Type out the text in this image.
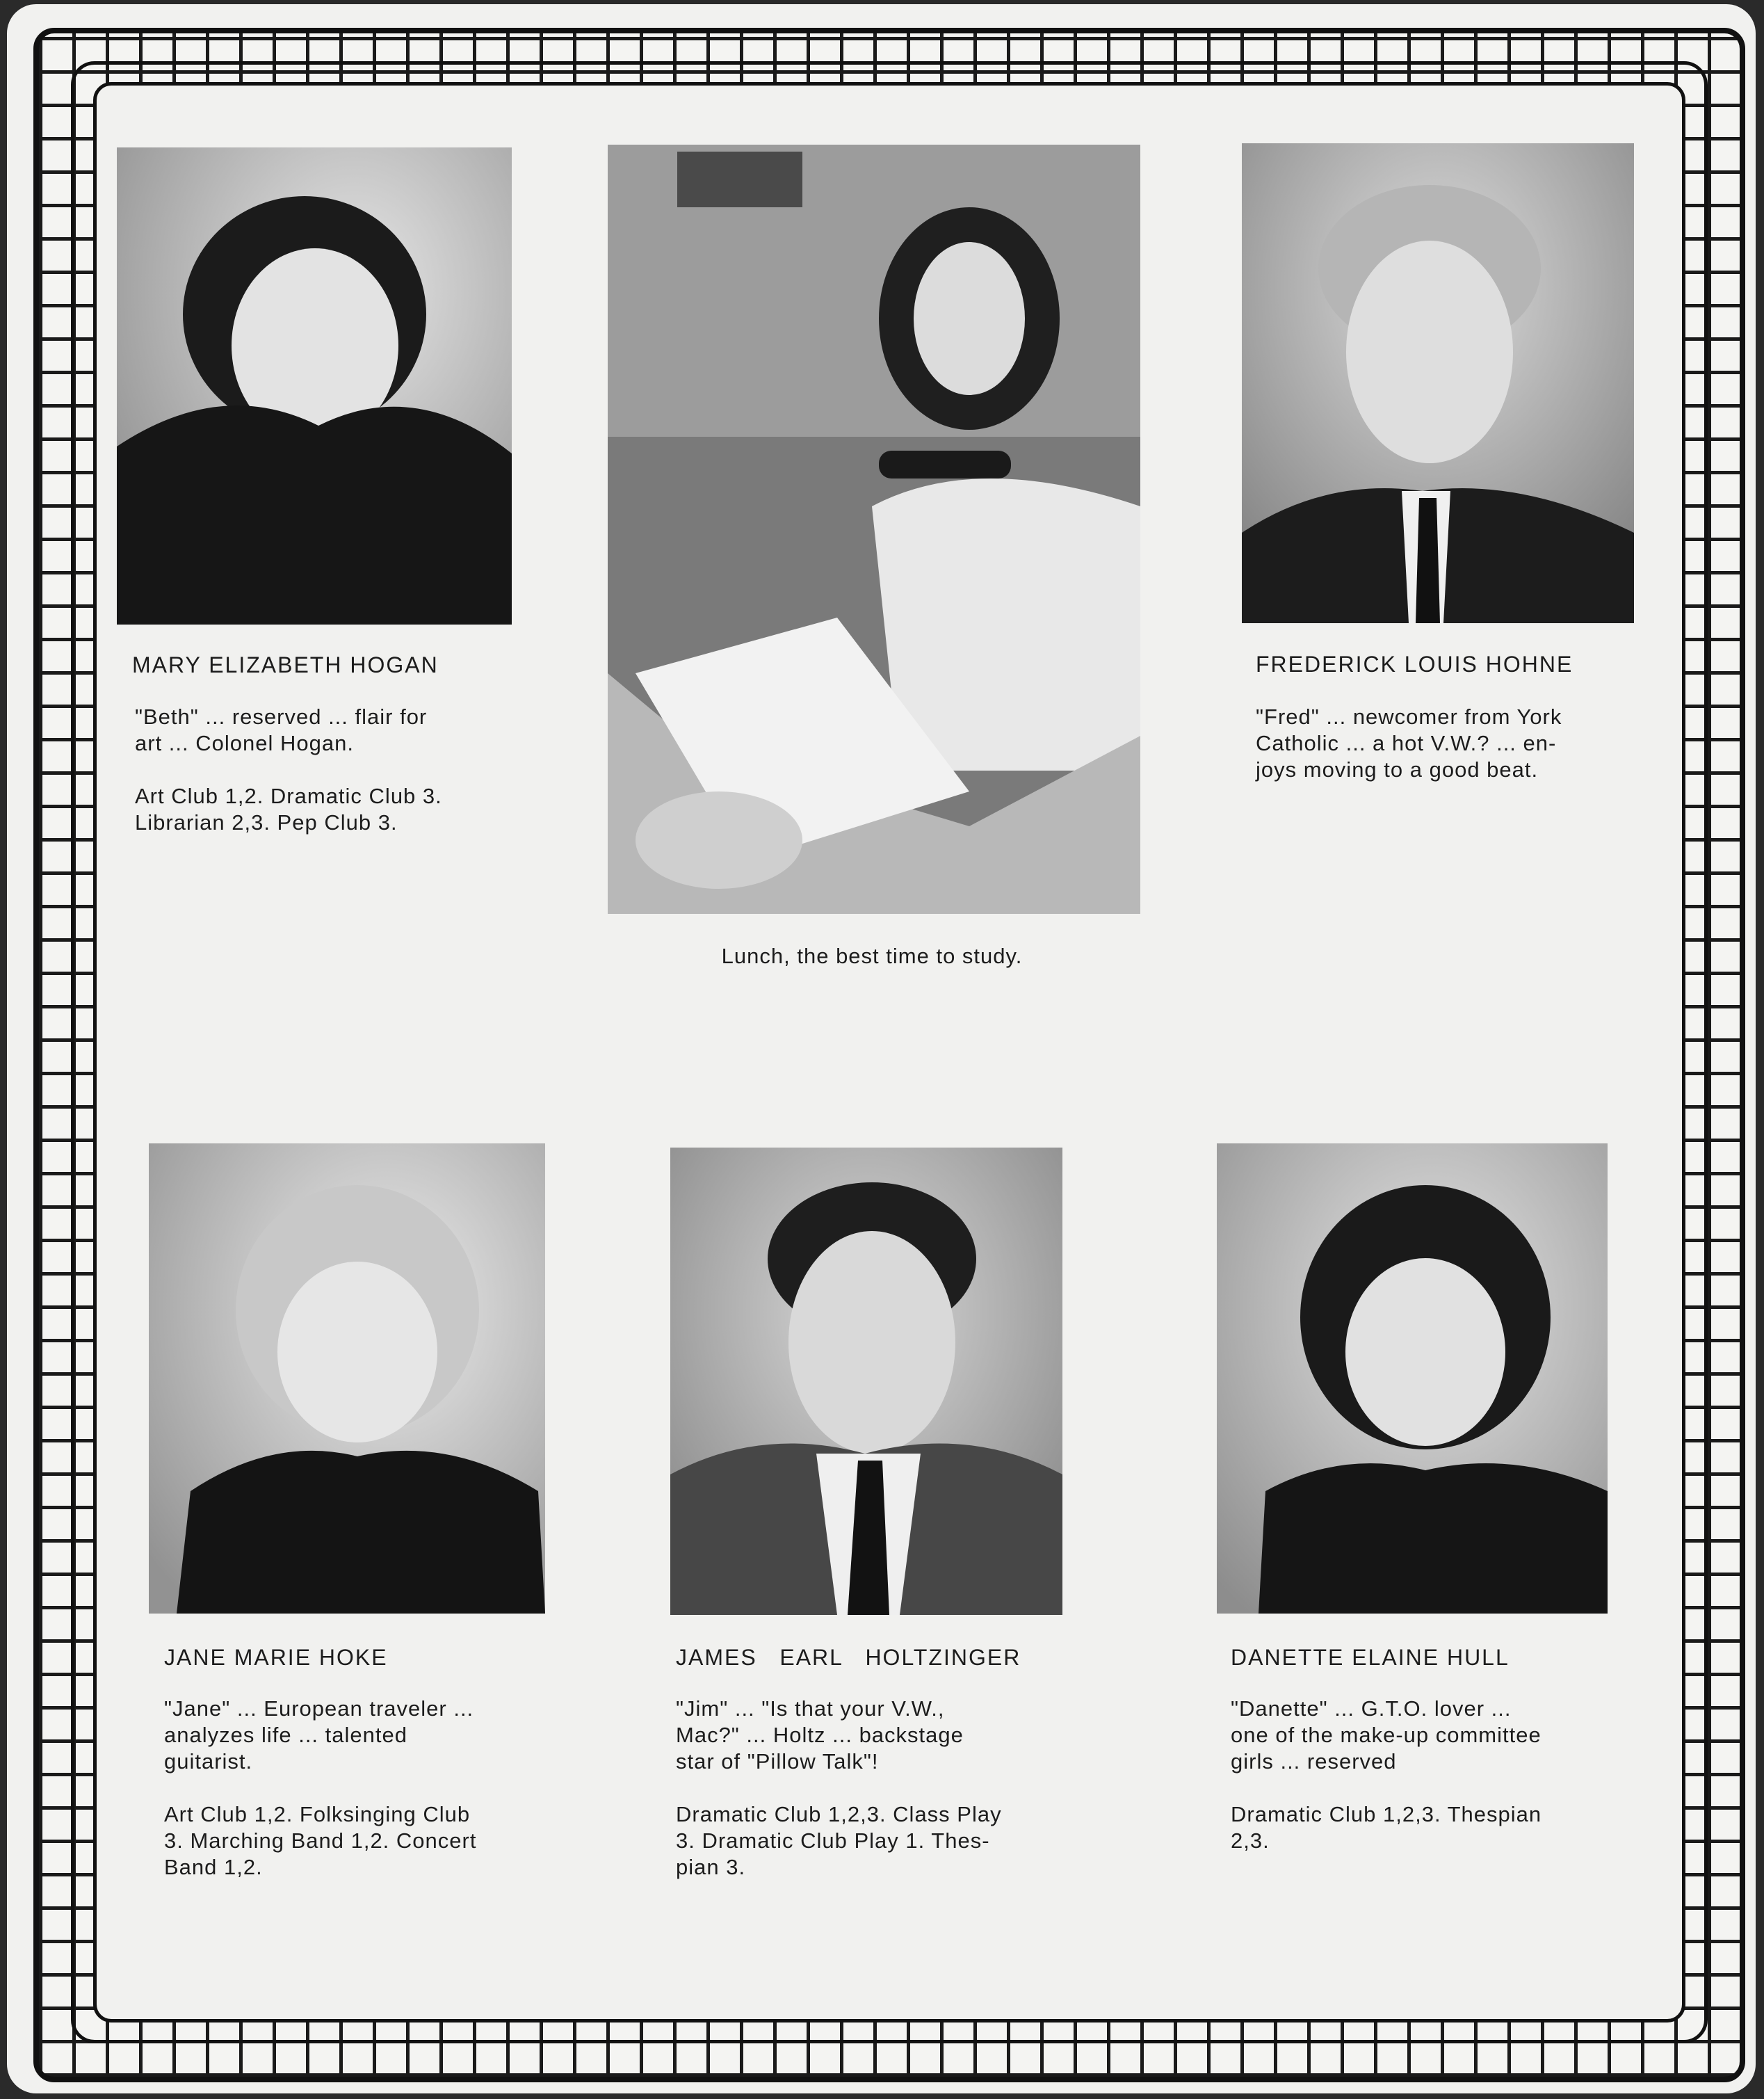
MARY ELIZABETH HOGAN

"Beth" ... reserved ... flair for

art ... Colonel Hogan.

Art Club 1,2. Dramatic Club 3.

Librarian 2,3. Pep Club 3.

Lunch, the best time to study.
FREDERICK LOUIS HOHNE

"Fred" ... newcomer from York

Catholic ... a hot V.W.? ... en-

joys moving to a good beat.

JANE MARIE HOKE

"Jane" ... European traveler ...

analyzes life ... talented

guitarist.

Art Club 1,2. Folksinging Club

3. Marching Band 1,2. Concert

Band 1,2.

JAMES   EARL   HOLTZINGER

"Jim" ... "Is that your V.W.,

Mac?" ... Holtz ... backstage

star of "Pillow Talk"!

Dramatic Club 1,2,3. Class Play

3. Dramatic Club Play 1. Thes-

pian 3.

DANETTE ELAINE HULL

"Danette" ... G.T.O. lover ...

one of the make-up committee

girls ... reserved

Dramatic Club 1,2,3. Thespian

2,3.
